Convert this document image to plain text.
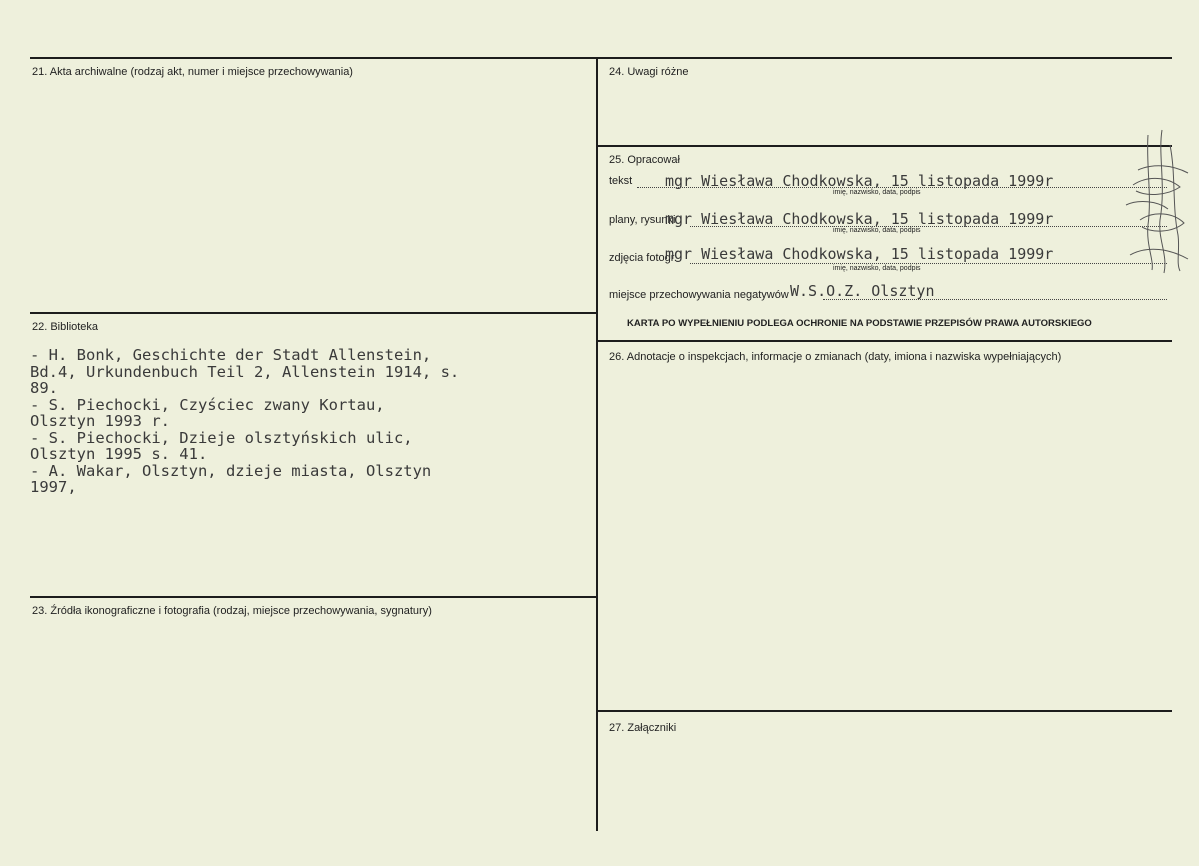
21. Akta archiwalne (rodzaj akt, numer i miejsce przechowywania)
22. Biblioteka
23. Źródła ikonograficzne i fotografia (rodzaj, miejsce przechowywania, sygnatury)
24. Uwagi różne
25. Opracował
26. Adnotacje o inspekcjach, informacje o zmianach (daty, imiona i nazwiska wypełniających)
27. Załączniki
tekst mgr Wiesława Chodkowska, 15 listopada 1999r
imię, nazwisko, data, podpis
plany, rysunki
mgr Wiesława Chodkowska, 15 listopada 1999r
imię, nazwisko, data, podpis
zdjęcia fotogr.
mgr Wiesława Chodkowska, 15 listopada 1999r
imię, nazwisko, data, podpis
miejsce przechowywania negatywów W.S.O.Z. Olsztyn
KARTA PO WYPEŁNIENIU PODLEGA OCHRONIE NA PODSTAWIE PRZEPISÓW PRAWA AUTORSKIEGO
- H. Bonk, Geschichte der Stadt Allenstein,
Bd.4, Urkundenbuch Teil 2, Allenstein 1914, s.
89.
- S. Piechocki, Czyściec zwany Kortau,
Olsztyn 1993 r.
- S. Piechocki, Dzieje olsztyńskich ulic,
Olsztyn 1995 s. 41.
- A. Wakar, Olsztyn, dzieje miasta, Olsztyn
1997,
